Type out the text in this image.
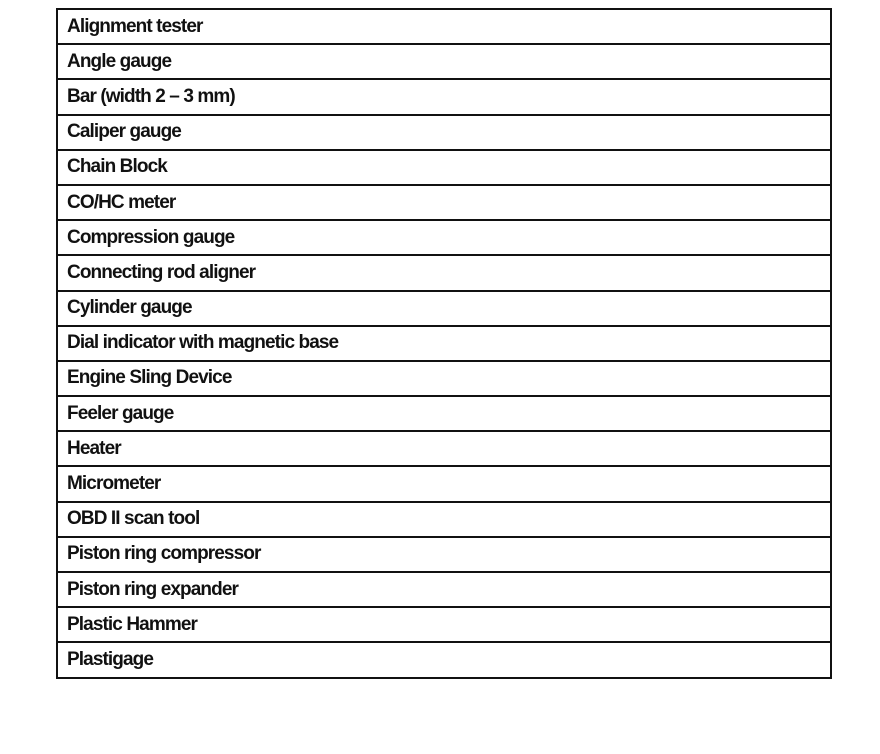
Alignment tester
Angle gauge
Bar (width 2 – 3 mm)
Caliper gauge
Chain Block
CO/HC meter
Compression gauge
Connecting rod aligner
Cylinder gauge
Dial indicator with magnetic base
Engine Sling Device
Feeler gauge
Heater
Micrometer
OBD II scan tool
Piston ring compressor
Piston ring expander
Plastic Hammer
Plastigage
